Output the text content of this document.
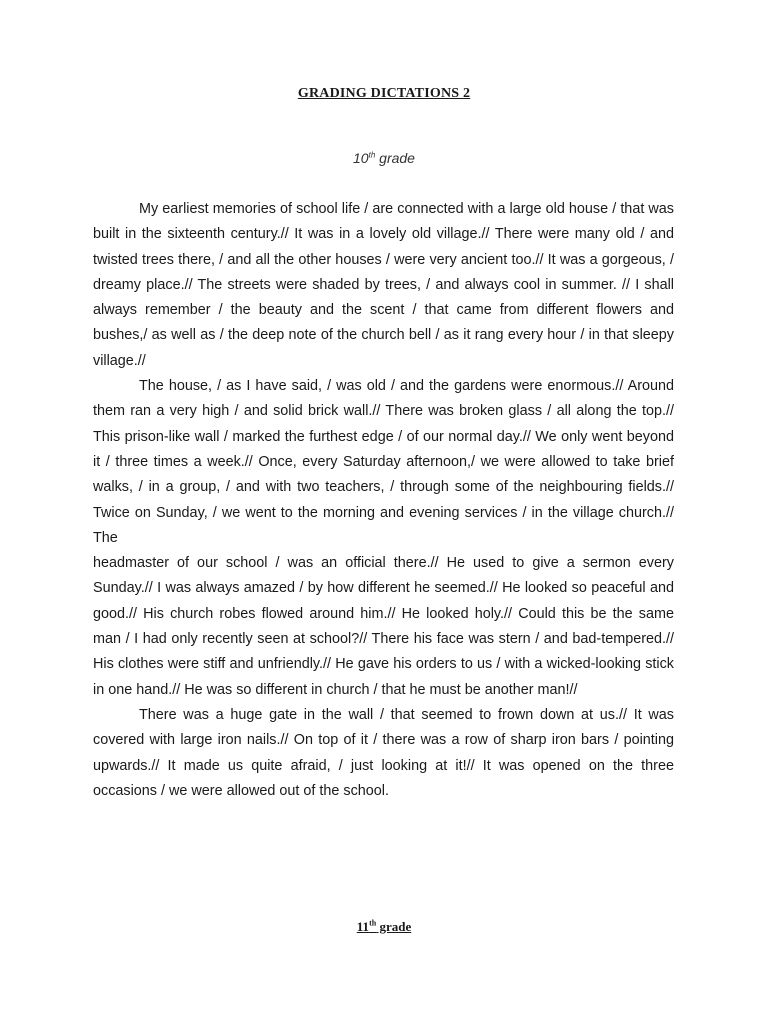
GRADING DICTATIONS 2
10th grade

My earliest memories of school life / are connected with a large old house / that was built in the sixteenth century.// It was in a lovely old village.// There were many old / and twisted trees there, / and all the other houses / were very ancient too.// It was a gorgeous, / dreamy place.// The streets were shaded by trees, / and always cool in summer. // I shall always remember / the beauty and the scent / that came from different flowers and bushes,/ as well as / the deep note of the church bell / as it rang every hour / in that sleepy village.//

The house, / as I have said, / was old / and the gardens were enormous.// Around them ran a very high / and solid brick wall.// There was broken glass / all along the top.// This prison-like wall / marked the furthest edge / of our normal day.// We only went beyond it / three times a week.// Once, every Saturday afternoon,/ we were allowed to take brief walks, / in a group, / and with two teachers, / through some of the neighbouring fields.// Twice on Sunday, / we went to the morning and evening services / in the village church.// The

headmaster of our school / was an official there.// He used to give a sermon every Sunday.// I was always amazed / by how different he seemed.// He looked so peaceful and good.// His church robes flowed around him.// He looked holy.// Could this be the same man / I had only recently seen at school?// There his face was stern / and bad-tempered.// His clothes were stiff and unfriendly.// He gave his orders to us / with a wicked-looking stick in one hand.// He was so different in church / that he must be another man!//

There was a huge gate in the wall / that seemed to frown down at us.// It was covered with large iron nails.// On top of it / there was a row of sharp iron bars / pointing upwards.// It made us quite afraid, / just looking at it!// It was opened on the three occasions / we were allowed out of the school.

11th grade
